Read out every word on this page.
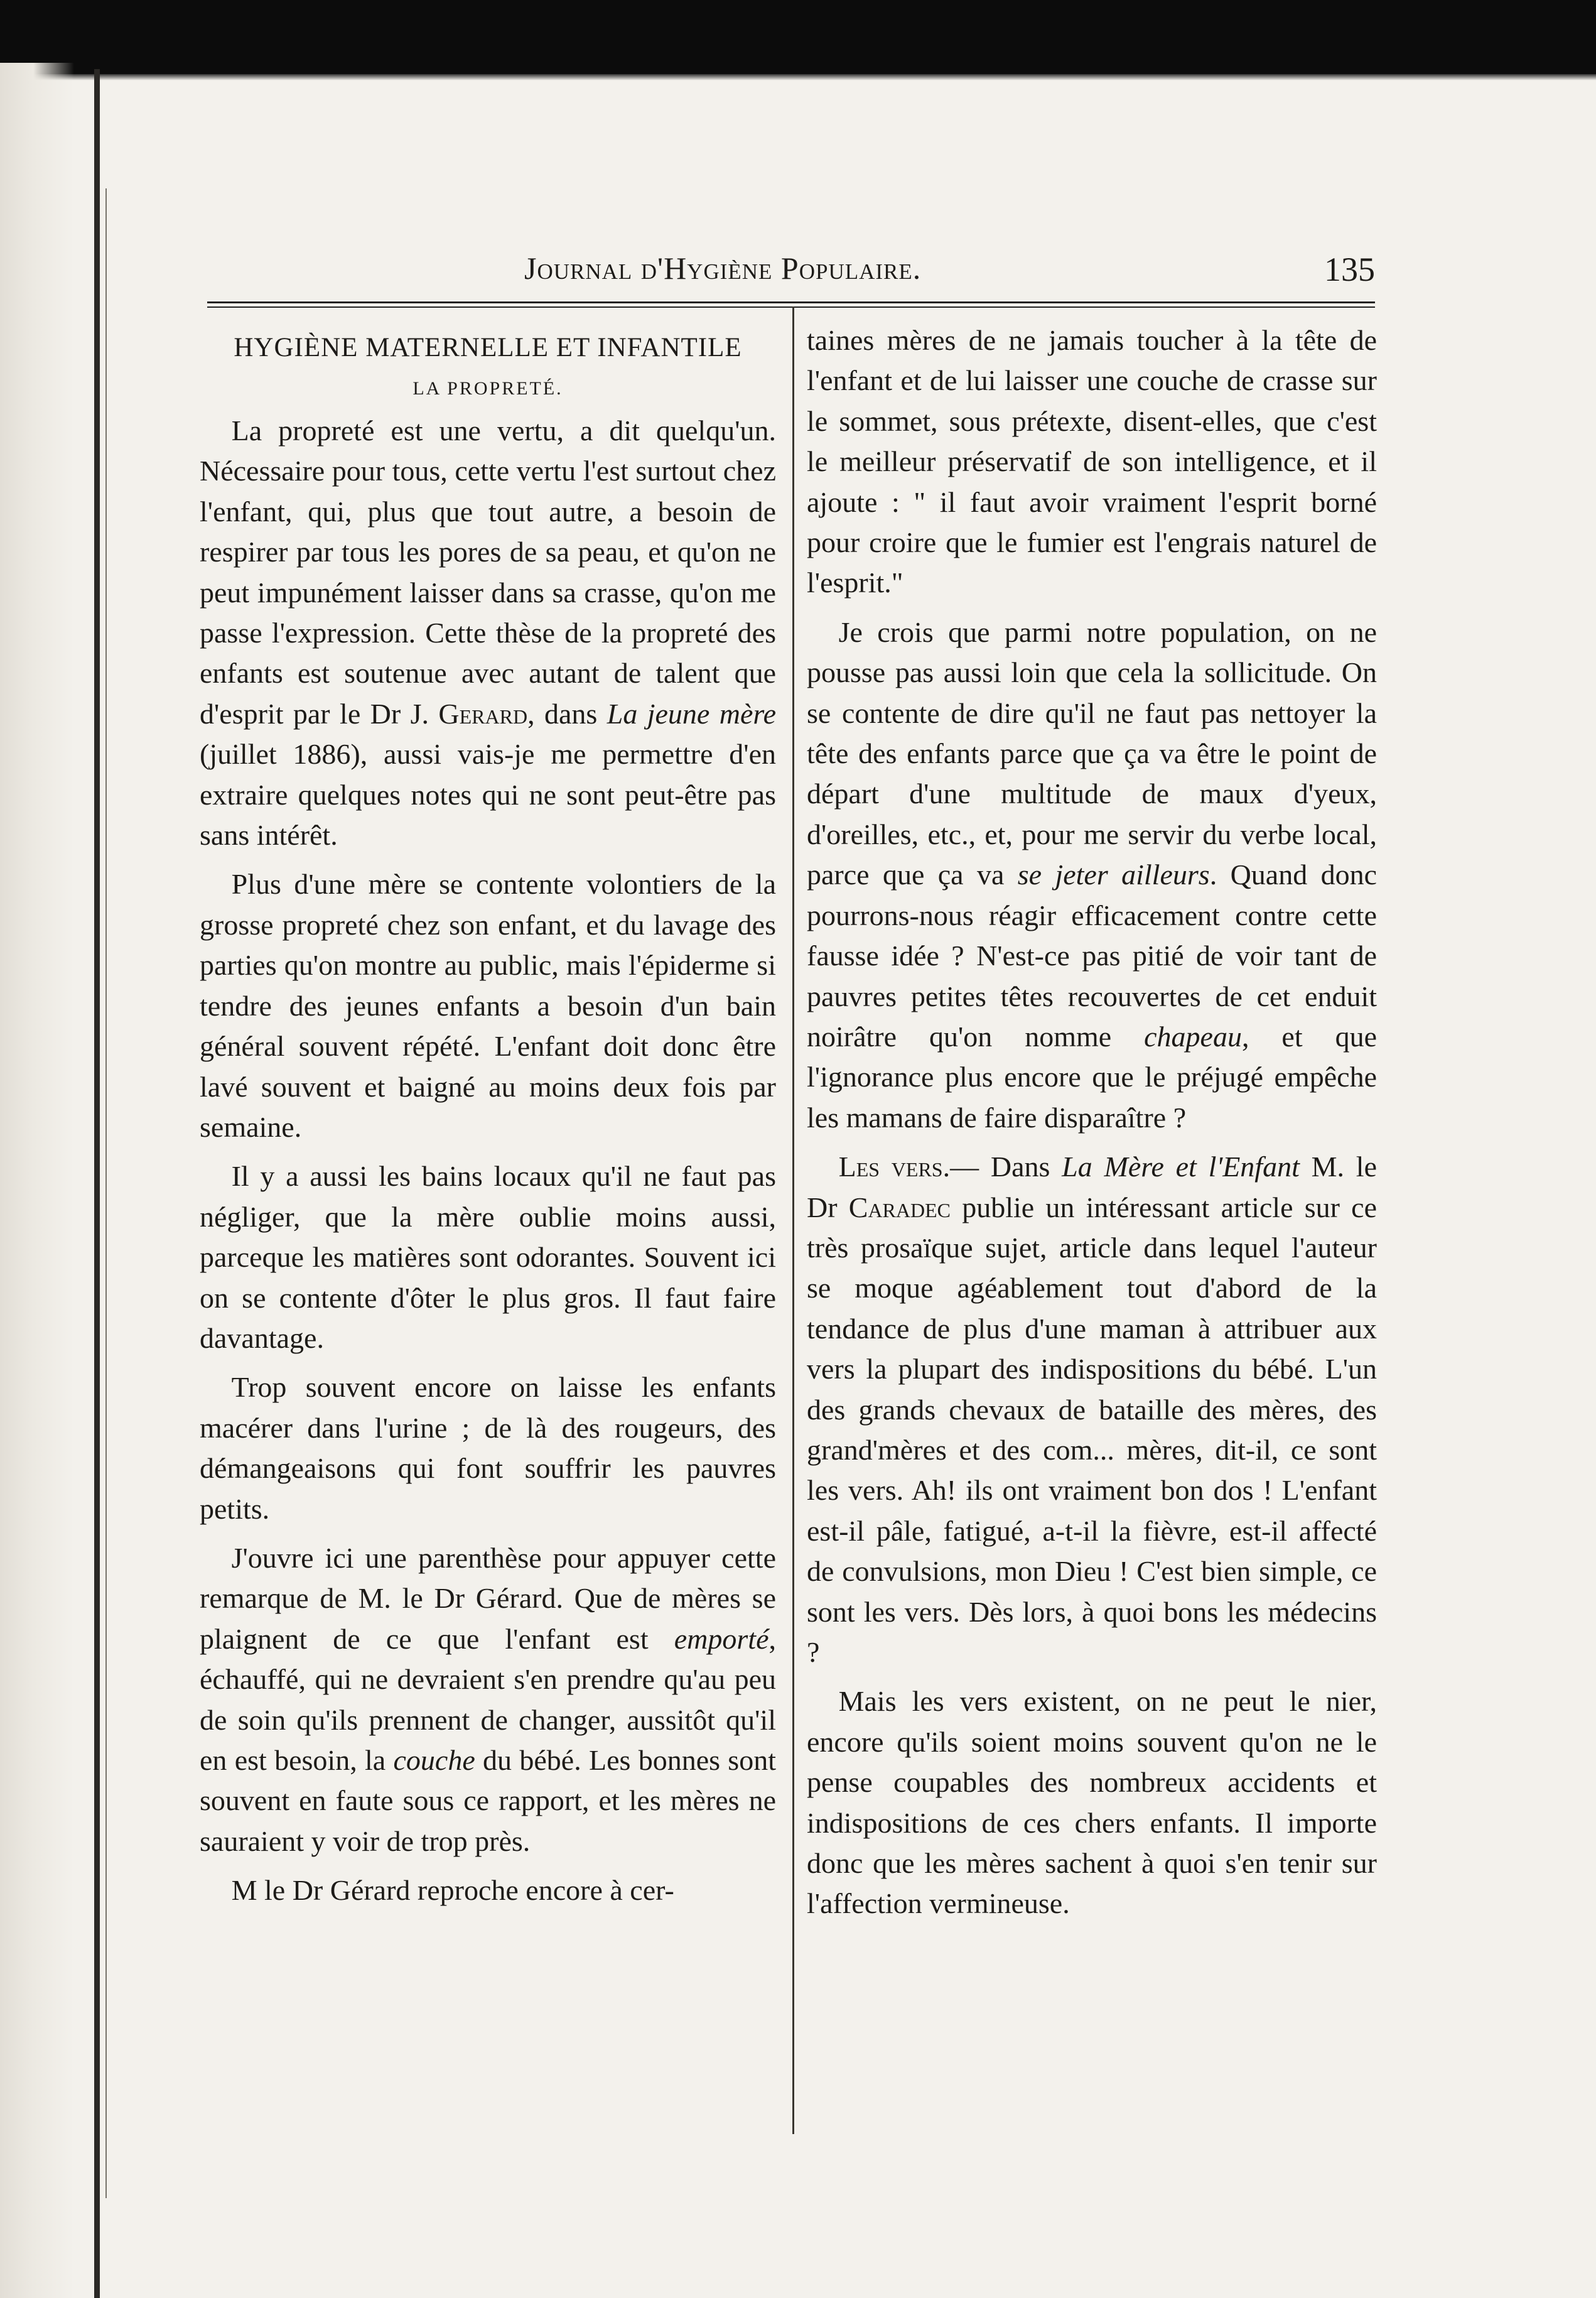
Journal d'Hygiène Populaire.	135
HYGIÈNE MATERNELLE ET INFANTILE
LA PROPRETÉ.

La propreté est une vertu, a dit quelqu'un. Nécessaire pour tous, cette vertu l'est surtout chez l'enfant, qui, plus que tout autre, a besoin de respirer par tous les pores de sa peau, et qu'on ne peut impunément laisser dans sa crasse, qu'on me passe l'expression. Cette thèse de la propreté des enfants est soutenue avec autant de talent que d'esprit par le Dr J. Gerard, dans La jeune mère (juillet 1886), aussi vais-je me permettre d'en extraire quelques notes qui ne sont peut-être pas sans intérêt.

Plus d'une mère se contente volontiers de la grosse propreté chez son enfant, et du lavage des parties qu'on montre au public, mais l'épiderme si tendre des jeunes enfants a besoin d'un bain général souvent répété. L'enfant doit donc être lavé souvent et baigné au moins deux fois par semaine.

Il y a aussi les bains locaux qu'il ne faut pas négliger, que la mère oublie moins aussi, parceque les matières sont odorantes. Souvent ici on se contente d'ôter le plus gros. Il faut faire davantage.

Trop souvent encore on laisse les enfants macérer dans l'urine ; de là des rougeurs, des démangeaisons qui font souffrir les pauvres petits.

J'ouvre ici une parenthèse pour appuyer cette remarque de M. le Dr Gérard. Que de mères se plaignent de ce que l'enfant est emporté, échauffé, qui ne devraient s'en prendre qu'au peu de soin qu'ils prennent de changer, aussitôt qu'il en est besoin, la couche du bébé. Les bonnes sont souvent en faute sous ce rapport, et les mères ne sauraient y voir de trop près.

M le Dr Gérard reproche encore à cer-

taines mères de ne jamais toucher à la tête de l'enfant et de lui laisser une couche de crasse sur le sommet, sous prétexte, disent-elles, que c'est le meilleur préservatif de son intelligence, et il ajoute : " il faut avoir vraiment l'esprit borné pour croire que le fumier est l'engrais naturel de l'esprit."

Je crois que parmi notre population, on ne pousse pas aussi loin que cela la sollicitude. On se contente de dire qu'il ne faut pas nettoyer la tête des enfants parce que ça va être le point de départ d'une multitude de maux d'yeux, d'oreilles, etc., et, pour me servir du verbe local, parce que ça va se jeter ailleurs. Quand donc pourrons-nous réagir efficacement contre cette fausse idée ? N'est-ce pas pitié de voir tant de pauvres petites têtes recouvertes de cet enduit noirâtre qu'on nomme chapeau, et que l'ignorance plus encore que le préjugé empêche les mamans de faire disparaître ?

Les vers.— Dans La Mère et l'Enfant M. le Dr Caradec publie un intéressant article sur ce très prosaïque sujet, article dans lequel l'auteur se moque agéablement tout d'abord de la tendance de plus d'une maman à attribuer aux vers la plupart des indispositions du bébé. L'un des grands chevaux de bataille des mères, des grand'mères et des com... mères, dit-il, ce sont les vers. Ah! ils ont vraiment bon dos ! L'enfant est-il pâle, fatigué, a-t-il la fièvre, est-il affecté de convulsions, mon Dieu ! C'est bien simple, ce sont les vers. Dès lors, à quoi bons les médecins ?

Mais les vers existent, on ne peut le nier, encore qu'ils soient moins souvent qu'on ne le pense coupables des nombreux accidents et indispositions de ces chers enfants. Il importe donc que les mères sachent à quoi s'en tenir sur l'affection vermineuse.
